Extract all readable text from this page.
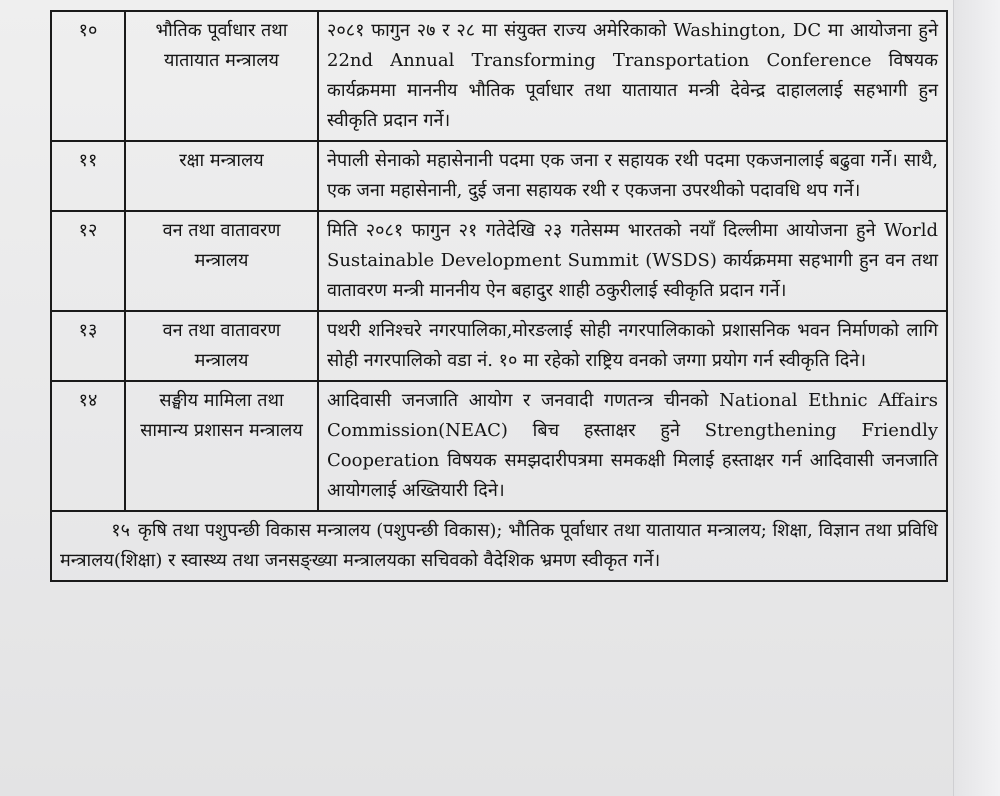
१०	भौतिक पूर्वाधार तथा यातायात मन्त्रालय	२०८१ फागुन २७ र २८ मा संयुक्त राज्य अमेरिकाको Washington, DC मा आयोजना हुने 22nd Annual Transforming Transportation Conference विषयक कार्यक्रममा माननीय भौतिक पूर्वाधार तथा यातायात मन्त्री देवेन्द्र दाहाललाई सहभागी हुन स्वीकृति प्रदान गर्ने।
११	रक्षा मन्त्रालय	नेपाली सेनाको महासेनानी पदमा एक जना र सहायक रथी पदमा एकजनालाई बढुवा गर्ने। साथै, एक जना महासेनानी, दुई जना सहायक रथी र एकजना उपरथीको पदावधि थप गर्ने।
१२	वन तथा वातावरण मन्त्रालय	मिति २०८१ फागुन २१ गतेदेखि २३ गतेसम्म भारतको नयाँ दिल्लीमा आयोजना हुने World Sustainable Development Summit (WSDS) कार्यक्रममा सहभागी हुन वन तथा वातावरण मन्त्री माननीय ऐन बहादुर शाही ठकुरीलाई स्वीकृति प्रदान गर्ने।
१३	वन तथा वातावरण मन्त्रालय	पथरी शनिश्चरे नगरपालिका,मोरङलाई सोही नगरपालिकाको प्रशासनिक भवन निर्माणको लागि सोही नगरपालिको वडा नं. १० मा रहेको राष्ट्रिय वनको जग्गा प्रयोग गर्न स्वीकृति दिने।
१४	सङ्घीय मामिला तथा सामान्य प्रशासन मन्त्रालय	आदिवासी जनजाति आयोग र जनवादी गणतन्त्र चीनको National Ethnic Affairs Commission(NEAC) बिच हस्ताक्षर हुने Strengthening Friendly Cooperation विषयक समझदारीपत्रमा समकक्षी मिलाई हस्ताक्षर गर्न आदिवासी जनजाति आयोगलाई अख्तियारी दिने।
१५ कृषि तथा पशुपन्छी विकास मन्त्रालय (पशुपन्छी विकास); भौतिक पूर्वाधार तथा यातायात मन्त्रालय; शिक्षा, विज्ञान तथा प्रविधि मन्त्रालय(शिक्षा) र स्वास्थ्य तथा जनसङ्ख्या मन्त्रालयका सचिवको वैदेशिक भ्रमण स्वीकृत गर्ने।		
